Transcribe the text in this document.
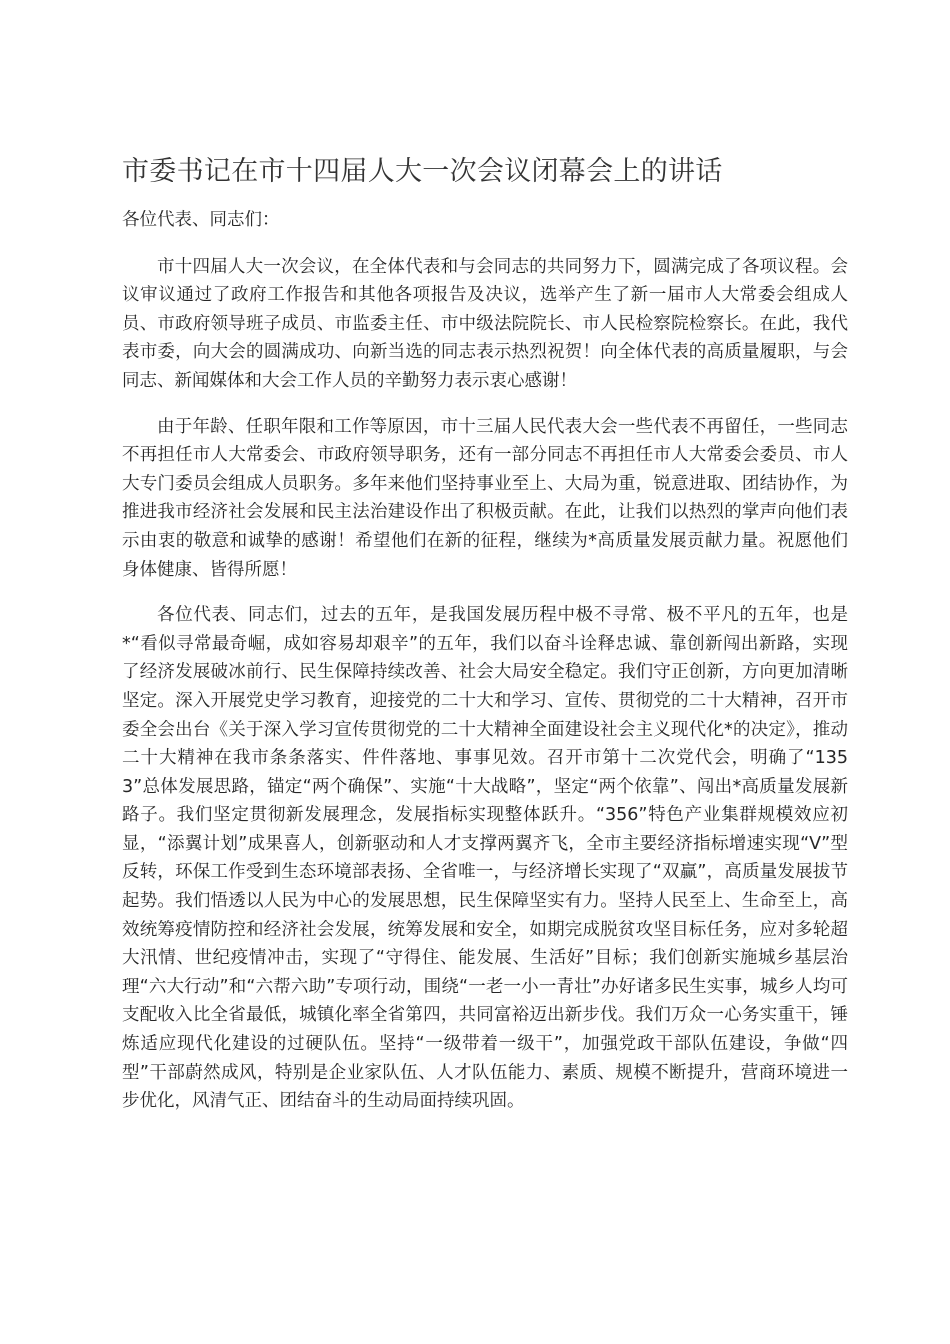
市委书记在市十四届人大一次会议闭幕会上的讲话

各位代表、同志们：

市十四届人大一次会议，在全体代表和与会同志的共同努力下，圆满完成了各项议程。会议审议通过了政府工作报告和其他各项报告及决议，选举产生了新一届市人大常委会组成人员、市政府领导班子成员、市监委主任、市中级法院院长、市人民检察院检察长。在此，我代表市委，向大会的圆满成功、向新当选的同志表示热烈祝贺！向全体代表的高质量履职，与会同志、新闻媒体和大会工作人员的辛勤努力表示衷心感谢！

由于年龄、任职年限和工作等原因，市十三届人民代表大会一些代表不再留任，一些同志不再担任市人大常委会、市政府领导职务，还有一部分同志不再担任市人大常委会委员、市人大专门委员会组成人员职务。多年来他们坚持事业至上、大局为重，锐意进取、团结协作，为推进我市经济社会发展和民主法治建设作出了积极贡献。在此，让我们以热烈的掌声向他们表示由衷的敬意和诚挚的感谢！希望他们在新的征程，继续为*高质量发展贡献力量。祝愿他们身体健康、皆得所愿！

各位代表、同志们，过去的五年，是我国发展历程中极不寻常、极不平凡的五年，也是*“看似寻常最奇崛，成如容易却艰辛”的五年，我们以奋斗诠释忠诚、靠创新闯出新路，实现了经济发展破冰前行、民生保障持续改善、社会大局安全稳定。我们守正创新，方向更加清晰坚定。深入开展党史学习教育，迎接党的二十大和学习、宣传、贯彻党的二十大精神，召开市委全会出台《关于深入学习宣传贯彻党的二十大精神全面建设社会主义现代化*的决定》，推动二十大精神在我市条条落实、件件落地、事事见效。召开市第十二次党代会，明确了“1353”总体发展思路，锚定“两个确保”、实施“十大战略”，坚定“两个依靠”、闯出*高质量发展新路子。我们坚定贯彻新发展理念，发展指标实现整体跃升。“356”特色产业集群规模效应初显，“添翼计划”成果喜人，创新驱动和人才支撑两翼齐飞，全市主要经济指标增速实现“V”型反转，环保工作受到生态环境部表扬、全省唯一，与经济增长实现了“双赢”，高质量发展拔节起势。我们悟透以人民为中心的发展思想，民生保障坚实有力。坚持人民至上、生命至上，高效统筹疫情防控和经济社会发展，统筹发展和安全，如期完成脱贫攻坚目标任务，应对多轮超大汛情、世纪疫情冲击，实现了“守得住、能发展、生活好”目标；我们创新实施城乡基层治理“六大行动”和“六帮六助”专项行动，围绕“一老一小一青壮”办好诸多民生实事，城乡人均可支配收入比全省最低，城镇化率全省第四，共同富裕迈出新步伐。我们万众一心务实重干，锤炼适应现代化建设的过硬队伍。坚持“一级带着一级干”，加强党政干部队伍建设，争做“四型”干部蔚然成风，特别是企业家队伍、人才队伍能力、素质、规模不断提升，营商环境进一步优化，风清气正、团结奋斗的生动局面持续巩固。
